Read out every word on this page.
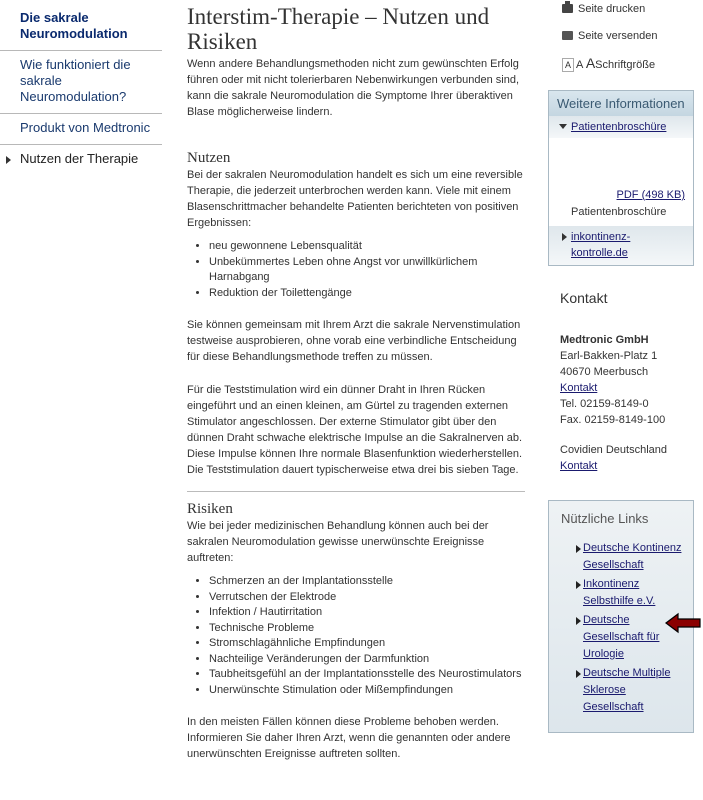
Die sakrale Neuromodulation
Wie funktioniert die sakrale Neuromodulation?
Produkt von Medtronic
Nutzen der Therapie
Interstim-Therapie – Nutzen und Risiken

Wenn andere Behandlungsmethoden nicht zum gewünschten Erfolg führen oder mit nicht tolerierbaren Nebenwirkungen verbunden sind, kann die sakrale Neuromodulation die Symptome Ihrer überaktiven Blase möglicherweise lindern.

Nutzen

Bei der sakralen Neuromodulation handelt es sich um eine reversible Therapie, die jederzeit unterbrochen werden kann. Viele mit einem Blasenschrittmacher behandelte Patienten berichteten von positiven Ergebnissen:

• neu gewonnene Lebensqualität
• Unbekümmertes Leben ohne Angst vor unwillkürlichem Harnabgang
• Reduktion der Toilettengänge

Sie können gemeinsam mit Ihrem Arzt die sakrale Nervenstimulation testweise ausprobieren, ohne vorab eine verbindliche Entscheidung für diese Behandlungsmethode treffen zu müssen.

Für die Teststimulation wird ein dünner Draht in Ihren Rücken eingeführt und an einen kleinen, am Gürtel zu tragenden externen Stimulator angeschlossen. Der externe Stimulator gibt über den dünnen Draht schwache elektrische Impulse an die Sakralnerven ab. Diese Impulse können Ihre normale Blasenfunktion wiederherstellen. Die Teststimulation dauert typischerweise etwa drei bis sieben Tage.

Risiken

Wie bei jeder medizinischen Behandlung können auch bei der sakralen Neuromodulation gewisse unerwünschte Ereignisse auftreten:

• Schmerzen an der Implantationsstelle
• Verrutschen der Elektrode
• Infektion / Hautirritation
• Technische Probleme
• Stromschlagähnliche Empfindungen
• Nachteilige Veränderungen der Darmfunktion
• Taubheitsgefühl an der Implantationsstelle des Neurostimulators
• Unerwünschte Stimulation oder Mißempfindungen

In den meisten Fällen können diese Probleme behoben werden. Informieren Sie daher Ihren Arzt, wenn die genannten oder andere unerwünschten Ereignisse auftreten sollten.

Seite drucken
Seite versenden
A A ASchriftgröße
Weitere Informationen
Patientenbroschüre
PDF (498 KB)
Patientenbroschüre
inkontinenz-kontrolle.de
Kontakt

Medtronic GmbH

Earl-Bakken-Platz 1

40670 Meerbusch

Kontakt

Tel. 02159-8149-0

Fax. 02159-8149-100

Covidien Deutschland

Kontakt

Nützliche Links
Deutsche Kontinenz Gesellschaft
Inkontinenz Selbsthilfe e.V.
Deutsche Gesellschaft für Urologie
Deutsche Multiple Sklerose Gesellschaft
